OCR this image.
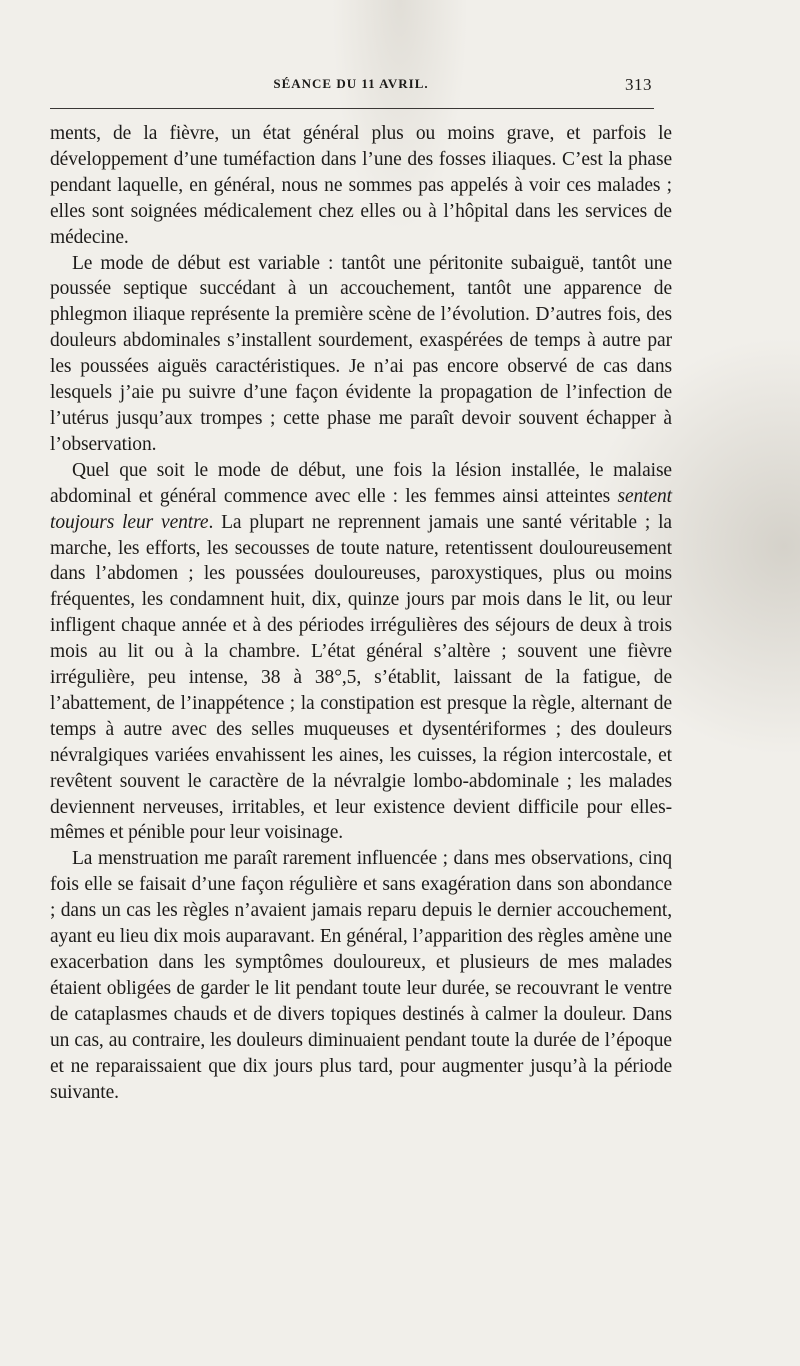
SÉANCE DU 11 AVRIL.	313

ments, de la fièvre, un état général plus ou moins grave, et parfois le développement d’une tuméfaction dans l’une des fosses iliaques. C’est la phase pendant laquelle, en général, nous ne sommes pas appelés à voir ces malades ; elles sont soignées médicalement chez elles ou à l’hôpital dans les services de médecine.

Le mode de début est variable : tantôt une péritonite subaiguë, tantôt une poussée septique succédant à un accouchement, tantôt une apparence de phlegmon iliaque représente la première scène de l’évolution. D’autres fois, des douleurs abdominales s’installent sourdement, exaspérées de temps à autre par les poussées aiguës caractéristiques. Je n’ai pas encore observé de cas dans lesquels j’aie pu suivre d’une façon évidente la propagation de l’infection de l’utérus jusqu’aux trompes ; cette phase me paraît devoir souvent échapper à l’observation.

Quel que soit le mode de début, une fois la lésion installée, le malaise abdominal et général commence avec elle : les femmes ainsi atteintes sentent toujours leur ventre. La plupart ne reprennent jamais une santé véritable ; la marche, les efforts, les secousses de toute nature, retentissent douloureusement dans l’abdomen ; les poussées douloureuses, paroxystiques, plus ou moins fréquentes, les condamnent huit, dix, quinze jours par mois dans le lit, ou leur infligent chaque année et à des périodes irrégulières des séjours de deux à trois mois au lit ou à la chambre. L’état général s’altère ; souvent une fièvre irrégulière, peu intense, 38 à 38°,5, s’établit, laissant de la fatigue, de l’abattement, de l’inappétence ; la constipation est presque la règle, alternant de temps à autre avec des selles muqueuses et dysentériformes ; des douleurs névralgiques variées envahissent les aines, les cuisses, la région intercostale, et revêtent souvent le caractère de la névralgie lombo-abdominale ; les malades deviennent nerveuses, irritables, et leur existence devient difficile pour elles-mêmes et pénible pour leur voisinage.

La menstruation me paraît rarement influencée ; dans mes observations, cinq fois elle se faisait d’une façon régulière et sans exagération dans son abondance ; dans un cas les règles n’avaient jamais reparu depuis le dernier accouchement, ayant eu lieu dix mois auparavant. En général, l’apparition des règles amène une exacerbation dans les symptômes douloureux, et plusieurs de mes malades étaient obligées de garder le lit pendant toute leur durée, se recouvrant le ventre de cataplasmes chauds et de divers topiques destinés à calmer la douleur. Dans un cas, au contraire, les douleurs diminuaient pendant toute la durée de l’époque et ne reparaissaient que dix jours plus tard, pour augmenter jusqu’à la période suivante.
